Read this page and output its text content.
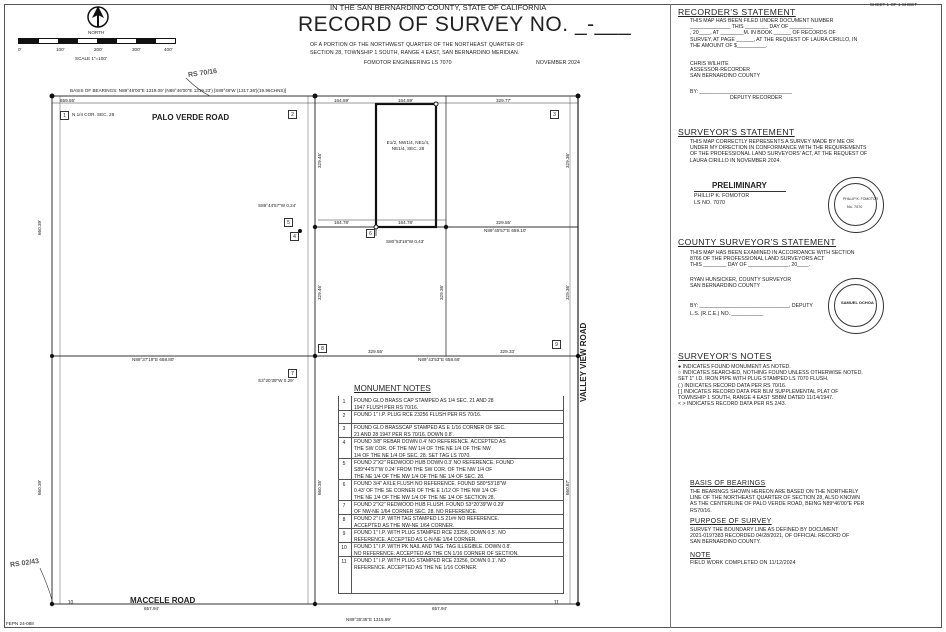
NORTH
0'	100'	200'	300'	400'
SCALE 1"=100'
IN THE SAN BERNARDINO COUNTY, STATE OF CALIFORNIA
RECORD OF SURVEY NO. _-___
OF A PORTION OF THE NORTHWEST QUARTER OF THE NORTHEAST QUARTER OF
SECTION 28, TOWNSHIP 1 SOUTH, RANGE 4 EAST, SAN BERNARDINO MERIDIAN.
FOMOTOR ENGINEERING LS 7070	NOVEMBER 2024
SHEET 1 OF 1 SHEET
1	2	3
4
5
6
7
8
9
10	11
RS 70/16
RS 02/43
BASIS OF BEARINGS: N89°46'00"E 1319.09' (N89°46'00"E 1319.23') [S89°46'W (1317.36')(19.96CHNS)]
PALO VERDE ROAD
MACCELE ROAD
VALLEY VIEW ROAD
N 1/4 COR. SEC. 28
E1/2, NW1/4, NE1/4, NE1/4, SEC. 28
FEPN 24-088
659.55'	164.89'	164.89'	329.77'
164.78'	164.78'	329.55'
N89°45'57"E 659.10'
329.55'	329.33'
N89°37'19"E 658.80'	N89°43'53"E 658.66'
N89°35'35"E 1315.89'
657.94'	657.94'
S89°44'57"W 0.24'
S80°53'18"W 0.43'
S3°20'39"W 0.29'
660.39'
660.39'
329.46'
329.46'
329.36'
329.36'
329.36'
660.35'	660.67'
MONUMENT NOTES
1	FOUND GLO BRASS CAP STAMPED AS 1/4 SEC. 21 AND 28
1947 FLUSH PER RS 70/16.
2	FOUND 1" I.P. PLUG RCE 23256 FLUSH PER RS 70/16.
3	FOUND GLO BRASSCAP STAMPED AS E 1/16 CORNER OF SEC.
21 AND 28 1947 PER RS 70/16. DOWN 0.8'.
4	FOUND 3/8" REBAR DOWN 0.4' NO REFERENCE. ACCEPTED AS
THE SW COR. OF THE NW 1/4 OF THE NE 1/4 OF THE NW
1/4 OF THE NE 1/4 OF SEC. 28. SET TAG LS 7070.
5	FOUND 2"X2" REDWOOD HUB DOWN 0.3' NO REFERENCE. FOUND
S89°44'57"W 0.24' FROM THE SW COR. OF THE NW 1/4 OF
THE NE 1/4 OF THE NW 1/4 OF THE NE 1/4 OF SEC. 28.
6	FOUND 3/4" AXLE FLUSH NO REFERENCE. FOUND S80°53'18"W
0.43' OF THE SE CORNER OF THE E 1/12 OF THE NW 1/4 OF
THE NE 1/4 OF THE NW 1/4 OF THE NE 1/4 OF SECTION 28.
7	FOUND 2"X2" REDWOOD HUB FLUSH. FOUND S3°20'39"W 0.29'
OF NW-NE 1/64 CORNER SEC. 28. NO REFERENCE.
8	FOUND 2" I.P. WITH TAG STAMPED LS 21## NO REFERENCE.
ACCEPTED AS THE NW-NE 1/64 CORNER.
9	FOUND 1" I.P. WITH PLUG STAMPED RCE 23256, DOWN 0.5'. NO
REFERENCE. ACCEPTED AS C-N-NE 1/64 CORNER.
10	FOUND 1" I.P. WITH PK NAIL AND TAG. TAG ILLEGIBLE. DOWN 0.8'.
NO REFERENCE. ACCEPTED AS THE CN 1/16 CORNER OF SECTION.
11	FOUND 1" I.P. WITH PLUG STAMPED RCE 23256, DOWN 0.1'. NO
REFERENCE. ACCEPTED AS THE NE 1/16 CORNER.
RECORDER'S STATEMENT
THIS MAP HAS BEEN FILED UNDER DOCUMENT NUMBER
______________ THIS ________ DAY OF ________
, 20____, AT ________M. IN BOOK ______ OF RECORDS OF
SURVEY, AT PAGE ______, AT THE REQUEST OF LAURA CIRILLO, IN
THE AMOUNT OF $__________.
CHRIS WILHITE
ASSESSOR-RECORDER
SAN BERNARDINO COUNTY
BY: ________________________________
DEPUTY RECORDER
SURVEYOR'S STATEMENT
THIS MAP CORRECTLY REPRESENTS A SURVEY MADE BY ME OR
UNDER MY DIRECTION IN CONFORMANCE WITH THE REQUIREMENTS
OF THE PROFESSIONAL LAND SURVEYORS' ACT, AT THE REQUEST OF
LAURA CIRILLO IN NOVEMBER 2024.
PRELIMINARY
PHILLIP K. FOMOTOR
LS NO. 7070
PHILLIP K. FOMOTOR
No. 7070
COUNTY SURVEYOR'S STATEMENT
THIS MAP HAS BEEN EXAMINED IN ACCORDANCE WITH SECTION
8766 OF THE PROFESSIONAL LAND SURVEYORS ACT
THIS ________ DAY OF ______________, 20____.
RYAN HUNSICKER, COUNTY SURVEYOR
SAN BERNARDINO COUNTY
BY: _______________________________, DEPUTY
L.S. (R.C.E.) NO. ___________
SAMUEL OCHOA
SURVEYOR'S NOTES
● INDICATES FOUND MONUMENT AS NOTED.
○ INDICATES SEARCHED, NOTHING FOUND UNLESS OTHERWISE NOTED.
SET 1" I.D. IRON PIPE WITH PLUG STAMPED LS 7070 FLUSH.
( ) INDICATES RECORD DATA PER RS 70/16.
[ ] INDICATES RECORD DATA PER BLM SUPPLEMENTAL PLAT OF
TOWNSHIP 1 SOUTH, RANGE 4 EAST SBBM DATED 11/14/1947.
< > INDICATES RECORD DATA PER RS 2/43.
BASIS OF BEARINGS
THE BEARINGS SHOWN HEREON ARE BASED ON THE NORTHERLY
LINE OF THE NORTHEAST QUARTER OF SECTION 28, ALSO KNOWN
AS THE CENTERLINE OF PALO VERDE ROAD, BEING N89°46'00"E PER
RS70/16.
PURPOSE OF SURVEY
SURVEY THE BOUNDARY LINE AS DEFINED BY DOCUMENT
2021-0197383 RECORDED 04/28/2021, OF OFFICIAL RECORD OF
SAN BERNARDINO COUNTY.
NOTE
FIELD WORK COMPLETED ON 11/12/2024
